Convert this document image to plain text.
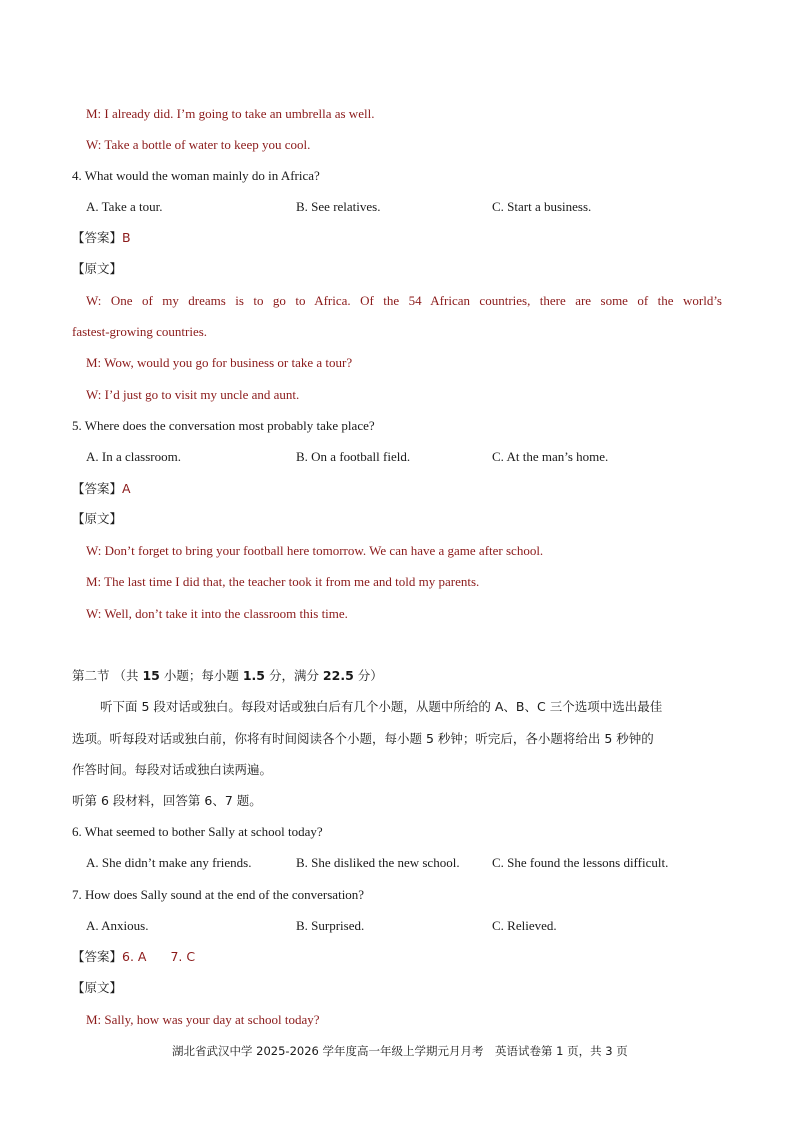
M: I already did. I’m going to take an umbrella as well.
W: Take a bottle of water to keep you cool.
4. What would the woman mainly do in Africa?
A. Take a tour.	B. See relatives.	C. Start a business.
【答案】B
【原文】
W: One of my dreams is to go to Africa. Of the 54 African countries, there are some of the world’s
fastest-growing countries.
M: Wow, would you go for business or take a tour?
W: I’d just go to visit my uncle and aunt.
5. Where does the conversation most probably take place?
A. In a classroom.	B. On a football field.	C. At the man’s home.
【答案】A
【原文】
W: Don’t forget to bring your football here tomorrow. We can have a game after school.
M: The last time I did that, the teacher took it from me and told my parents.
W: Well, don’t take it into the classroom this time.
第二节 （共 15 小题；每小题 1.5 分，满分 22.5 分）
听下面 5 段对话或独白。每段对话或独白后有几个小题，从题中所给的 A、B、C 三个选项中选出最佳
选项。听每段对话或独白前，你将有时间阅读各个小题，每小题 5 秒钟；听完后，各小题将给出 5 秒钟的
作答时间。每段对话或独白读两遍。
听第 6 段材料，回答第 6、7 题。
6. What seemed to bother Sally at school today?
A. She didn’t make any friends.	B. She disliked the new school. C. She found the lessons difficult.
7. How does Sally sound at the end of the conversation?
A. Anxious.	B. Surprised.	C. Relieved.
【答案】6. A 7. C
【原文】
M: Sally, how was your day at school today?
湖北省武汉中学 2025-2026 学年度高一年级上学期元月月考　英语试卷第 1 页，共 3 页
